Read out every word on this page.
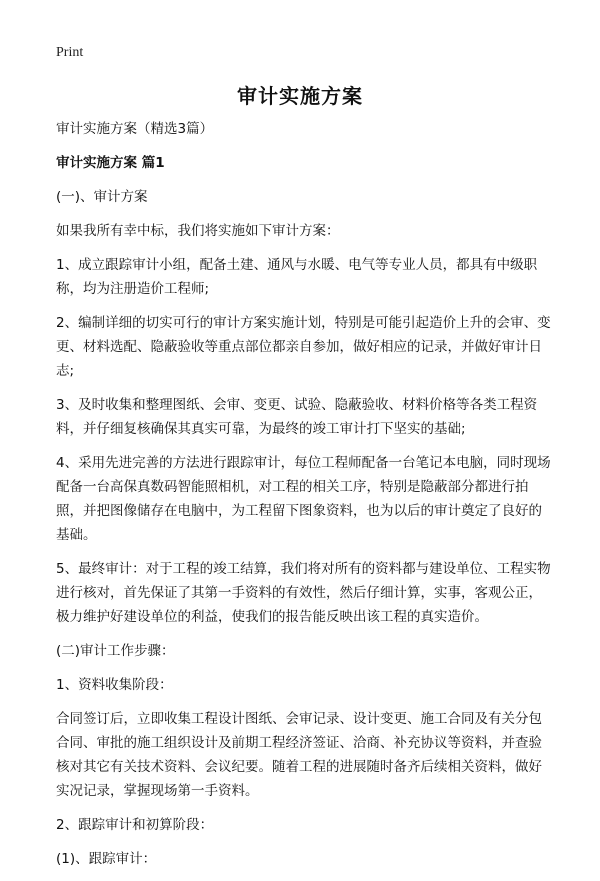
Print
审计实施方案

审计实施方案（精选3篇）

审计实施方案 篇1

(一)、审计方案

如果我所有幸中标，我们将实施如下审计方案：

1、成立跟踪审计小组，配备土建、通风与水暖、电气等专业人员，都具有中级职称，均为注册造价工程师;

2、编制详细的切实可行的审计方案实施计划，特别是可能引起造价上升的会审、变更、材料选配、隐蔽验收等重点部位都亲自参加，做好相应的记录，并做好审计日志;

3、及时收集和整理图纸、会审、变更、试验、隐蔽验收、材料价格等各类工程资料，并仔细复核确保其真实可靠，为最终的竣工审计打下坚实的基础;

4、采用先进完善的方法进行跟踪审计，每位工程师配备一台笔记本电脑，同时现场配备一台高保真数码智能照相机，对工程的相关工序，特别是隐蔽部分都进行拍照，并把图像储存在电脑中，为工程留下图象资料，也为以后的审计奠定了良好的基础。

5、最终审计：对于工程的竣工结算，我们将对所有的资料都与建设单位、工程实物进行核对，首先保证了其第一手资料的有效性，然后仔细计算，实事，客观公正，极力维护好建设单位的利益，使我们的报告能反映出该工程的真实造价。

(二)审计工作步骤：

1、资料收集阶段：

合同签订后，立即收集工程设计图纸、会审记录、设计变更、施工合同及有关分包合同、审批的施工组织设计及前期工程经济签证、洽商、补充协议等资料，并查验核对其它有关技术资料、会议纪要。随着工程的进展随时备齐后续相关资料，做好实况记录，掌握现场第一手资料。

2、跟踪审计和初算阶段：

(1)、跟踪审计：
